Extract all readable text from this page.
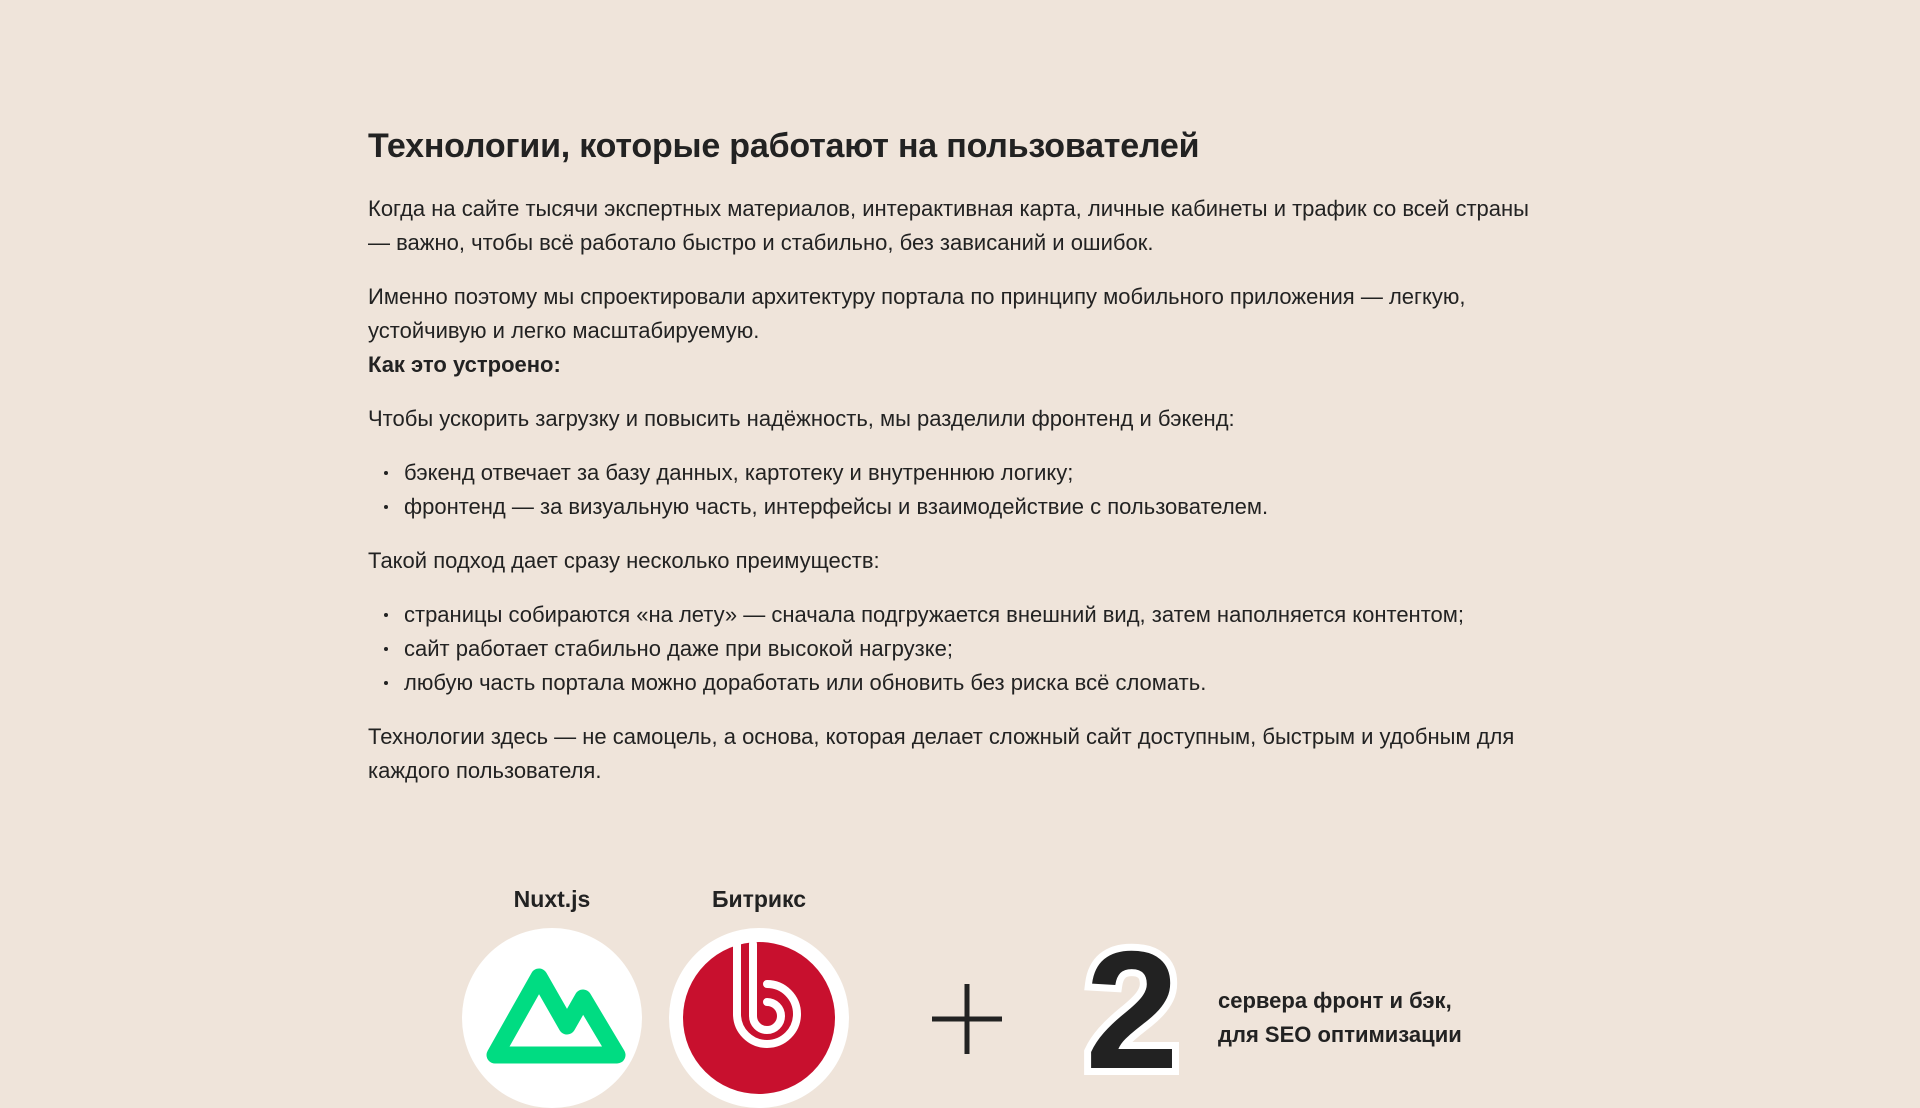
Технологии, которые работают на пользователей

Когда на сайте тысячи экспертных материалов, интерактивная карта, личные кабинеты и трафик со всей страны — важно, чтобы всё работало быстро и стабильно, без зависаний и ошибок.

Именно поэтому мы спроектировали архитектуру портала по принципу мобильного приложения — легкую, устойчивую и легко масштабируемую.

Как это устроено:

Чтобы ускорить загрузку и повысить надёжность, мы разделили фронтенд и бэкенд:

бэкенд отвечает за базу данных, картотеку и внутреннюю логику;
фронтенд — за визуальную часть, интерфейсы и взаимодействие с пользователем.

Такой подход дает сразу несколько преимуществ:

страницы собираются «на лету» — сначала подгружается внешний вид, затем наполняется контентом;
сайт работает стабильно даже при высокой нагрузке;
любую часть портала можно доработать или обновить без риска всё сломать.

Технологии здесь — не самоцель, а основа, которая делает сложный сайт доступным, быстрым и удобным для каждого пользователя.

Nuxt.js	Битрикс
2 сервера фронт и бэк,
для SEO оптимизации
